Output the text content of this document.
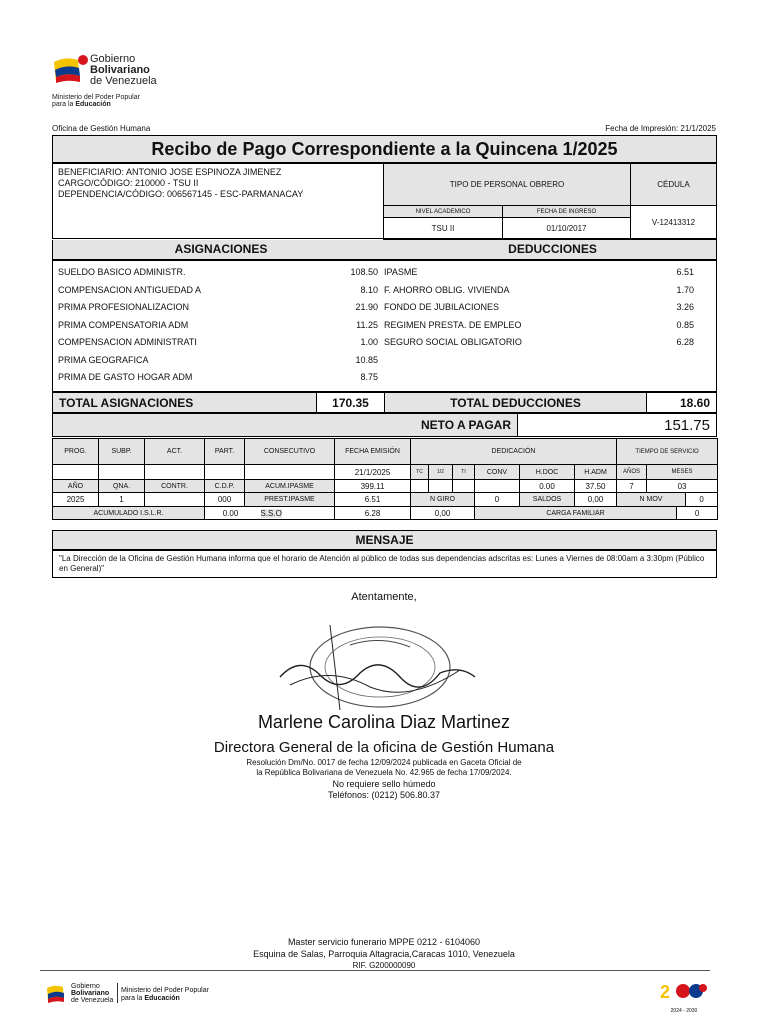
Gobierno
Bolivariano
de Venezuela
Ministerio del Poder Popular
para la Educación
Oficina de Gestión Humana	Fecha de Impresión: 21/1/2025
Recibo de Pago Correspondiente a la Quincena 1/2025
BENEFICIARIO: ANTONIO JOSE ESPINOZA JIMENEZ
CARGO/CÓDIGO: 210000 - TSU II
DEPENDENCIA/CÓDIGO: 006567145 - ESC-PARMANACAY
TIPO DE PERSONAL OBRERO		CÉDULA
NIVEL ACADEMICO	FECHA DE INGRESO	V-12413312
TSU II	01/10/2017	
ASIGNACIONES	DEDUCCIONES
SUELDO BASICO ADMINISTR.	108.50
COMPENSACION ANTIGUEDAD A	8.10
PRIMA PROFESIONALIZACION	21.90
PRIMA COMPENSATORIA ADM	11.25
COMPENSACION ADMINISTRATI	1.00
PRIMA GEOGRAFICA	10.85
PRIMA DE GASTO HOGAR ADM	8.75
IPASME	6.51
F. AHORRO OBLIG. VIVIENDA	1.70
FONDO DE JUBILACIONES	3.26
REGIMEN PRESTA. DE EMPLEO	0.85
SEGURO SOCIAL OBLIGATORIO	6.28
TOTAL ASIGNACIONES	170.35	TOTAL DEDUCCIONES	18.60
NETO A PAGAR	151.75
PROG.	SUBP.	ACT.	PART.	CONSECUTIVO	FECHA EMISIÓN	DEDICACIÓN						TIEMPO DE SERVICIO			
					21/1/2025	TC	1/2	TI	CONV	H.DOC	H.ADM	AÑOS	MESES		
AÑO	QNA.	CONTR.	C.D.P.	ACUM.IPASME	399.11					0.00	37.50	7	03		
2025	1		000	PREST.IPASME	6.51	N GIRO			0	SALDOS	0,00	N MOV			0
ACUMULADO I.S.L.R.				0.00 S.S.O	6.28	0,00			CARGA FAMILIAR					0	
MENSAJE
"La Dirección de la Oficina de Gestión Humana informa que el horario de Atención al público de todas sus dependencias adscritas es: Lunes a Viernes de 08:00am a 3:30pm (Público en General)"
Atentamente,
Marlene Carolina Diaz Martinez
Directora General de la oficina de Gestión Humana
Resolución Dm/No. 0017 de fecha 12/09/2024 publicada en Gaceta Oficial de
la República Bolivariana de Venezuela No. 42.965 de fecha 17/09/2024.
No requiere sello húmedo
Teléfonos: (0212) 506.80.37
Master servicio funerario MPPE 0212 - 6104060
Esquina de Salas, Parroquia Altagracia,Caracas 1010, Venezuela
RIF. G200000090
Gobierno
Bolivariano
de Venezuela
Ministerio del Poder Popular
para la Educación	2
2024 - 2030
